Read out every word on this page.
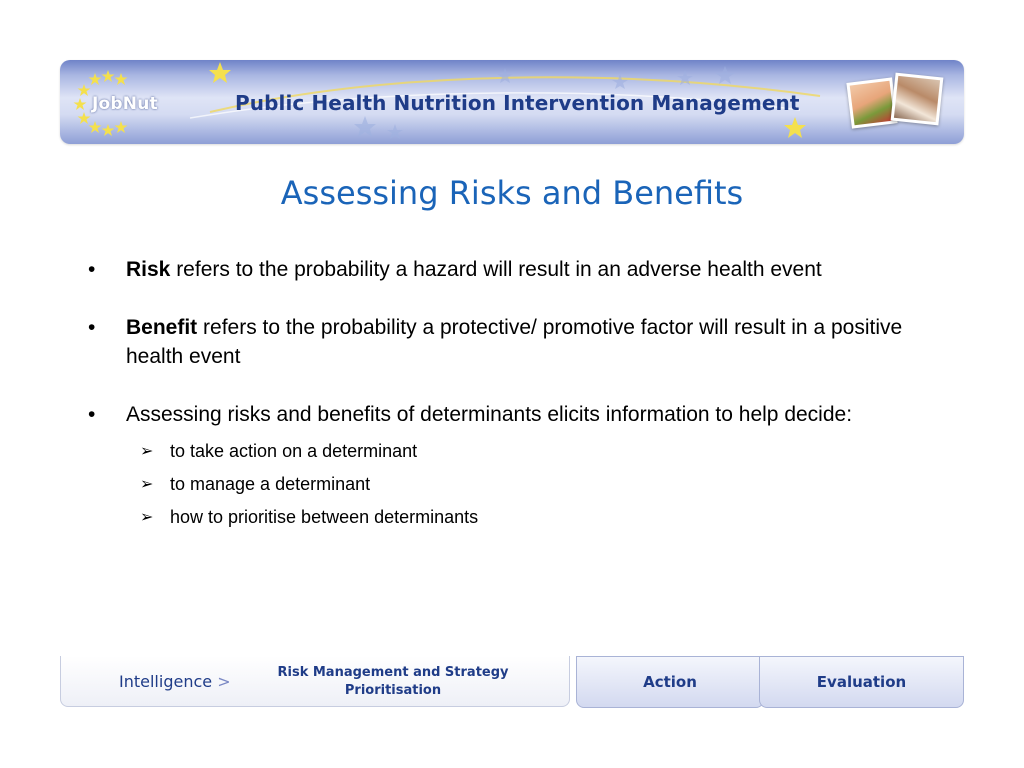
JobNut	Public Health Nutrition Intervention Management
Assessing Risks and Benefits
• Risk refers to the probability a hazard will result in an adverse health event
• Benefit refers to the probability a protective/ promotive factor will result in a positive health event
• Assessing risks and benefits of determinants elicits information to help decide:
➢ to take action on a determinant
➢ to manage a determinant
➢ how to prioritise between determinants
Intelligence >	Risk Management and Strategy
Prioritisation	Action	Evaluation
